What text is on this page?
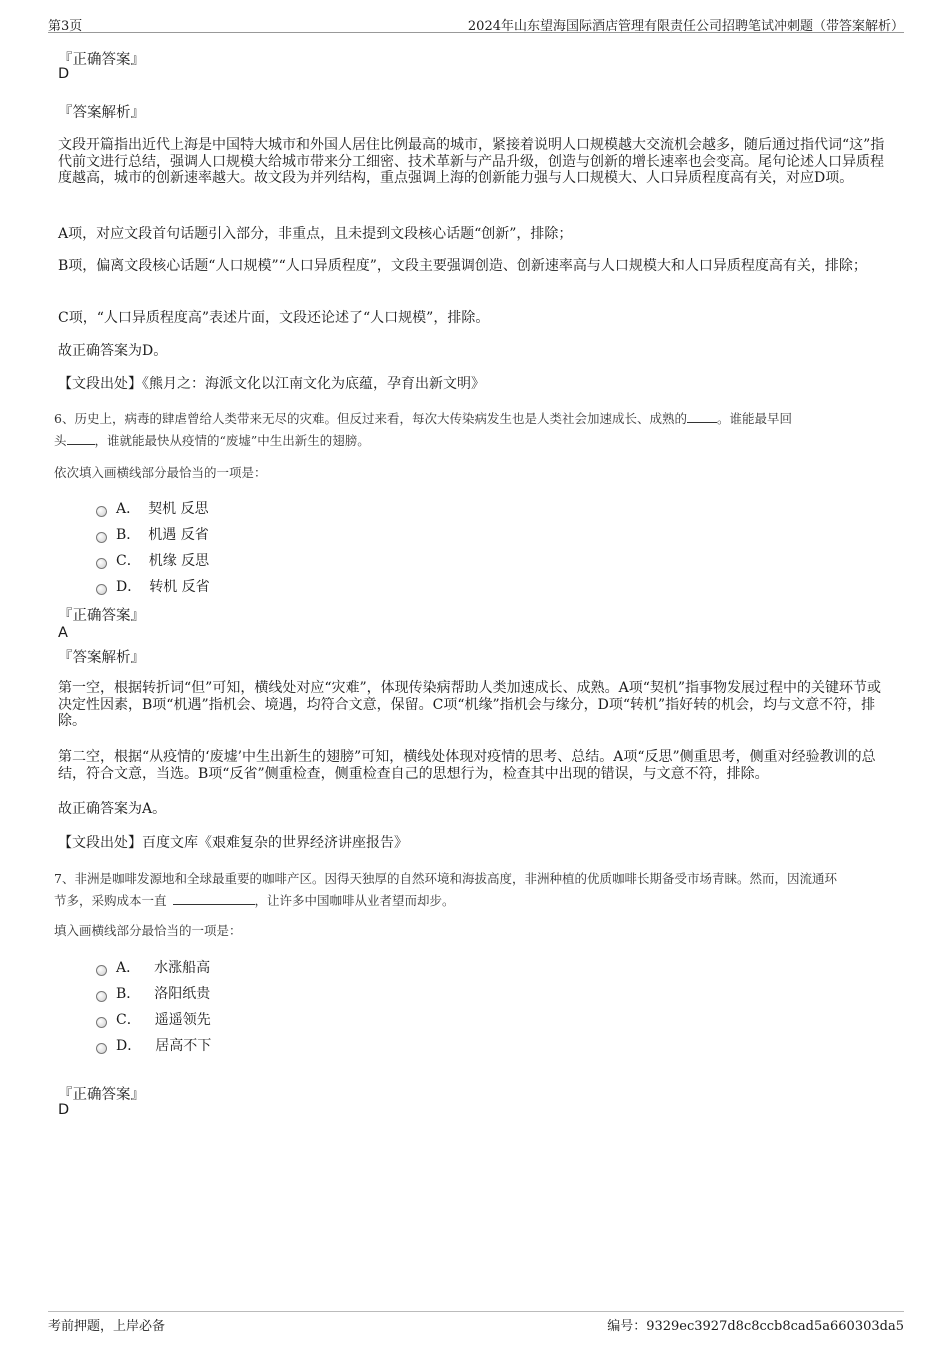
第3页	2024年山东望海国际酒店管理有限责任公司招聘笔试冲刺题（带答案解析）
『正确答案』
D
『答案解析』
文段开篇指出近代上海是中国特大城市和外国人居住比例最高的城市，紧接着说明人口规模越大交流机会越多，随后通过指代词“这”指代前文进行总结，强调人口规模大给城市带来分工细密、技术革新与产品升级，创造与创新的增长速率也会变高。尾句论述人口异质程度越高，城市的创新速率越大。故文段为并列结构，重点强调上海的创新能力强与人口规模大、人口异质程度高有关，对应D项。
A项，对应文段首句话题引入部分，非重点，且未提到文段核心话题“创新”，排除；
B项，偏离文段核心话题“人口规模”“人口异质程度”，文段主要强调创造、创新速率高与人口规模大和人口异质程度高有关，排除；
C项，“人口异质程度高”表述片面，文段还论述了“人口规模”，排除。
故正确答案为D。
【文段出处】《熊月之：海派文化以江南文化为底蕴，孕育出新文明》
6、历史上，病毒的肆虐曾给人类带来无尽的灾难。但反过来看，每次大传染病发生也是人类社会加速成长、成熟的 。谁能最早回
头 ，谁就能最快从疫情的“废墟”中生出新生的翅膀。
依次填入画横线部分最恰当的一项是：
A． 契机 反思
B． 机遇 反省
C． 机缘 反思
D． 转机 反省
『正确答案』
A
『答案解析』
第一空，根据转折词“但”可知，横线处对应“灾难”，体现传染病帮助人类加速成长、成熟。A项“契机”指事物发展过程中的关键环节或决定性因素，B项“机遇”指机会、境遇，均符合文意，保留。C项“机缘”指机会与缘分，D项“转机”指好转的机会，均与文意不符，排除。
第二空，根据“从疫情的‘废墟’中生出新生的翅膀”可知，横线处体现对疫情的思考、总结。A项“反思”侧重思考，侧重对经验教训的总结，符合文意，当选。B项“反省”侧重检查，侧重检查自己的思想行为，检查其中出现的错误，与文意不符，排除。
故正确答案为A。
【文段出处】百度文库《艰难复杂的世界经济讲座报告》
7、非洲是咖啡发源地和全球最重要的咖啡产区。因得天独厚的自然环境和海拔高度，非洲种植的优质咖啡长期备受市场青睐。然而，因流通环
节多，采购成本一直	，让许多中国咖啡从业者望而却步。
填入画横线部分最恰当的一项是：
A． 水涨船高
B． 洛阳纸贵
C． 遥遥领先
D． 居高不下
『正确答案』
D
考前押题，上岸必备	编号：9329ec3927d8c8ccb8cad5a660303da5
